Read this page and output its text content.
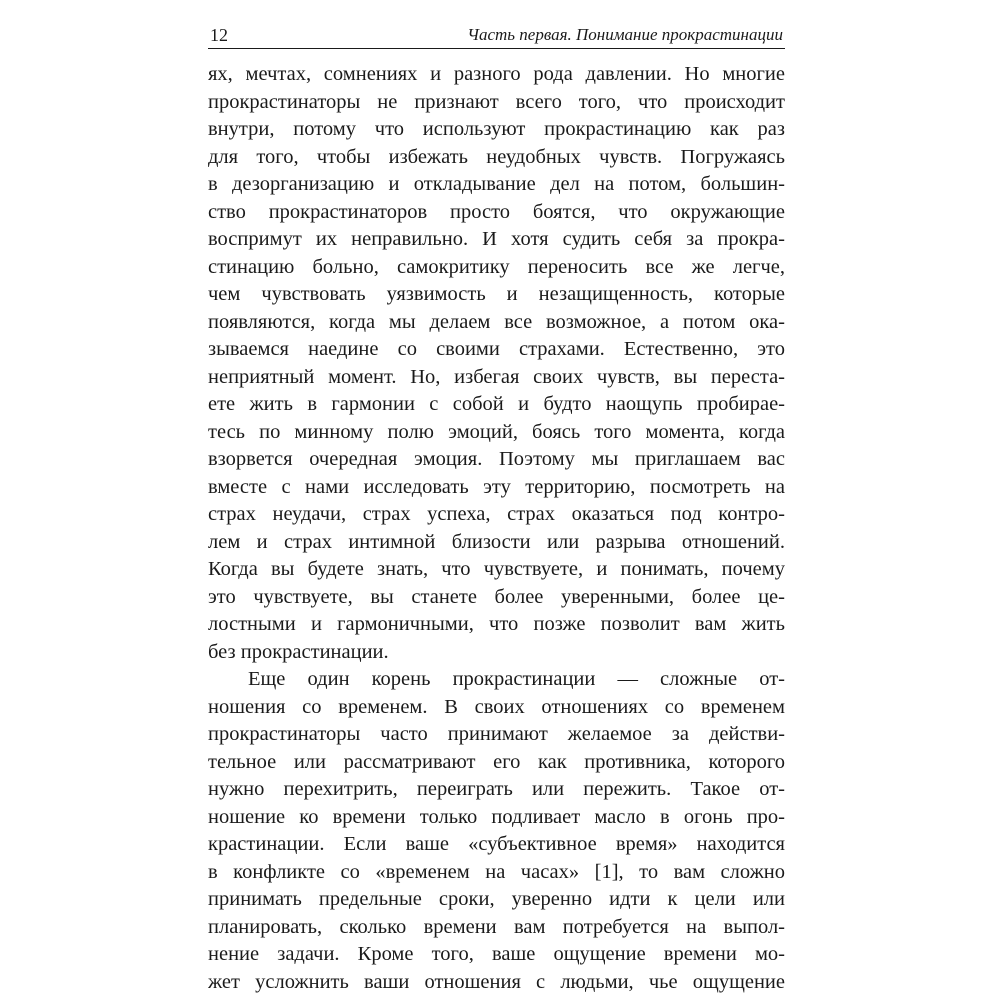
12	Часть первая. Понимание прокрастинации
ях, мечтах, сомнениях и разного рода давлении. Но многие
прокрастинаторы не признают всего того, что происходит
внутри, потому что используют прокрастинацию как раз
для того, чтобы избежать неудобных чувств. Погружаясь
в дезорганизацию и откладывание дел на потом, большин-
ство прокрастинаторов просто боятся, что окружающие
воспримут их неправильно. И хотя судить себя за прокра-
стинацию больно, самокритику переносить все же легче,
чем чувствовать уязвимость и незащищенность, которые
появляются, когда мы делаем все возможное, а потом ока-
зываемся наедине со своими страхами. Естественно, это
неприятный момент. Но, избегая своих чувств, вы переста-
ете жить в гармонии с собой и будто наощупь пробирае-
тесь по минному полю эмоций, боясь того момента, когда
взорвется очередная эмоция. Поэтому мы приглашаем вас
вместе с нами исследовать эту территорию, посмотреть на
страх неудачи, страх успеха, страх оказаться под контро-
лем и страх интимной близости или разрыва отношений.
Когда вы будете знать, что чувствуете, и понимать, почему
это чувствуете, вы станете более уверенными, более це-
лостными и гармоничными, что позже позволит вам жить
без прокрастинации.
Еще один корень прокрастинации — сложные от-
ношения со временем. В своих отношениях со временем
прокрастинаторы часто принимают желаемое за действи-
тельное или рассматривают его как противника, которого
нужно перехитрить, переиграть или пережить. Такое от-
ношение ко времени только подливает масло в огонь про-
крастинации. Если ваше «субъективное время» находится
в конфликте со «временем на часах» [1], то вам сложно
принимать предельные сроки, уверенно идти к цели или
планировать, сколько времени вам потребуется на выпол-
нение задачи. Кроме того, ваше ощущение времени мо-
жет усложнить ваши отношения с людьми, чье ощущение
